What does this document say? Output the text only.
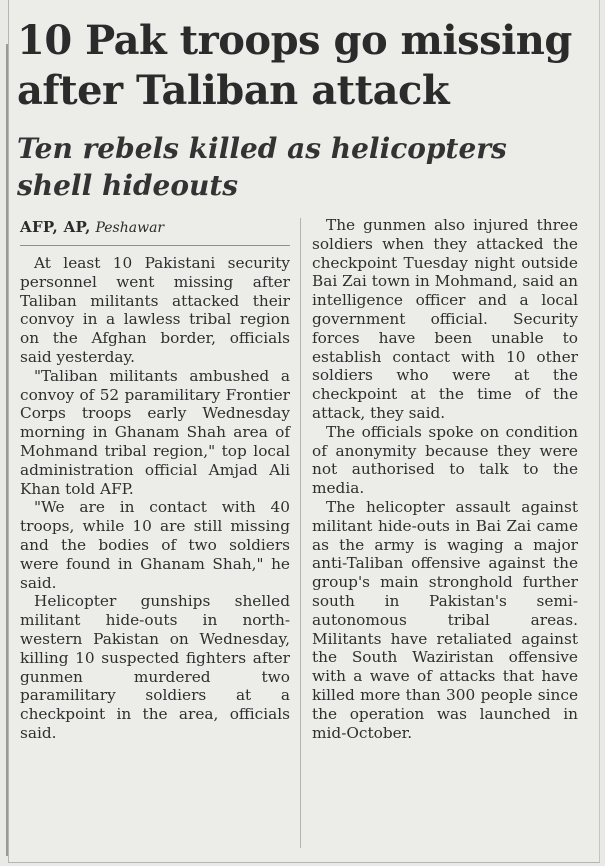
10 Pak troops go missing after Taliban attack
Ten rebels killed as helicopters shell hideouts

AFP, AP, Peshawar

At least 10 Pakistani security personnel went missing after Taliban militants attacked their convoy in a lawless tribal region on the Afghan border, officials said yesterday.

"Taliban militants ambushed a convoy of 52 paramilitary Frontier Corps troops early Wednesday morning in Ghanam Shah area of Mohmand tribal region," top local administration official Amjad Ali Khan told AFP.

"We are in contact with 40 troops, while 10 are still missing and the bodies of two soldiers were found in Ghanam Shah," he said.

Helicopter gunships shelled militant hide-outs in north-western Pakistan on Wednesday, killing 10 suspected fighters after gunmen murdered two paramilitary soldiers at a checkpoint in the area, officials said.

The gunmen also injured three soldiers when they attacked the checkpoint Tuesday night outside Bai Zai town in Mohmand, said an intelligence officer and a local government official. Security forces have been unable to establish contact with 10 other soldiers who were at the checkpoint at the time of the attack, they said.

The officials spoke on condition of anonymity because they were not authorised to talk to the media.

The helicopter assault against militant hide-outs in Bai Zai came as the army is waging a major anti-Taliban offensive against the group's main stronghold further south in Pakistan's semi-autonomous tribal areas. Militants have retaliated against the South Waziristan offensive with a wave of attacks that have killed more than 300 people since the operation was launched in mid-October.
